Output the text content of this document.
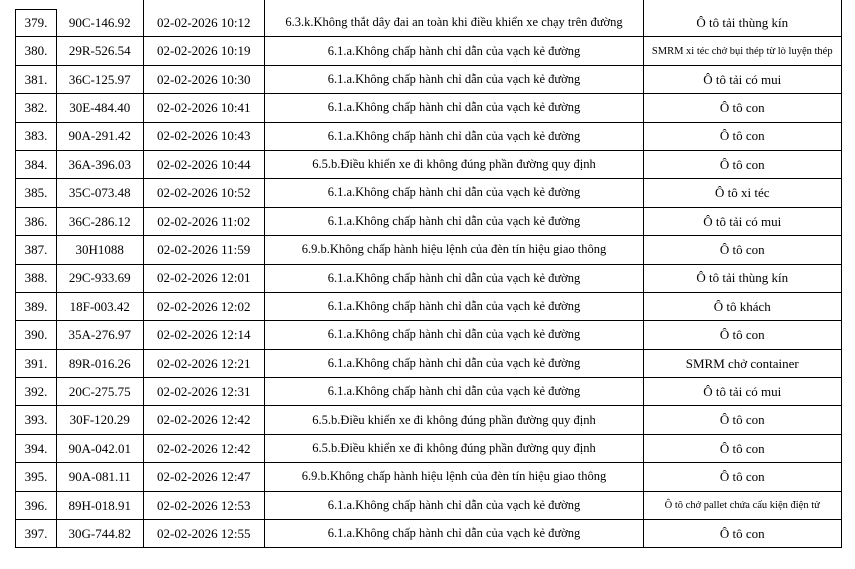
379.	90C-146.92	02-02-2026 10:12	6.3.k.Không thắt dây đai an toàn khi điều khiển xe chạy trên đường	Ô tô tải thùng kín
380.	29R-526.54	02-02-2026 10:19	6.1.a.Không chấp hành chỉ dẫn của vạch kẻ đường	SMRM xi téc chở bụi thép từ lò luyện thép
381.	36C-125.97	02-02-2026 10:30	6.1.a.Không chấp hành chỉ dẫn của vạch kẻ đường	Ô tô tải có mui
382.	30E-484.40	02-02-2026 10:41	6.1.a.Không chấp hành chỉ dẫn của vạch kẻ đường	Ô tô con
383.	90A-291.42	02-02-2026 10:43	6.1.a.Không chấp hành chỉ dẫn của vạch kẻ đường	Ô tô con
384.	36A-396.03	02-02-2026 10:44	6.5.b.Điều khiển xe đi không đúng phần đường quy định	Ô tô con
385.	35C-073.48	02-02-2026 10:52	6.1.a.Không chấp hành chỉ dẫn của vạch kẻ đường	Ô tô xi téc
386.	36C-286.12	02-02-2026 11:02	6.1.a.Không chấp hành chỉ dẫn của vạch kẻ đường	Ô tô tải có mui
387.	30H1088	02-02-2026 11:59	6.9.b.Không chấp hành hiệu lệnh của đèn tín hiệu giao thông	Ô tô con
388.	29C-933.69	02-02-2026 12:01	6.1.a.Không chấp hành chỉ dẫn của vạch kẻ đường	Ô tô tải thùng kín
389.	18F-003.42	02-02-2026 12:02	6.1.a.Không chấp hành chỉ dẫn của vạch kẻ đường	Ô tô khách
390.	35A-276.97	02-02-2026 12:14	6.1.a.Không chấp hành chỉ dẫn của vạch kẻ đường	Ô tô con
391.	89R-016.26	02-02-2026 12:21	6.1.a.Không chấp hành chỉ dẫn của vạch kẻ đường	SMRM chở container
392.	20C-275.75	02-02-2026 12:31	6.1.a.Không chấp hành chỉ dẫn của vạch kẻ đường	Ô tô tải có mui
393.	30F-120.29	02-02-2026 12:42	6.5.b.Điều khiển xe đi không đúng phần đường quy định	Ô tô con
394.	90A-042.01	02-02-2026 12:42	6.5.b.Điều khiển xe đi không đúng phần đường quy định	Ô tô con
395.	90A-081.11	02-02-2026 12:47	6.9.b.Không chấp hành hiệu lệnh của đèn tín hiệu giao thông	Ô tô con
396.	89H-018.91	02-02-2026 12:53	6.1.a.Không chấp hành chỉ dẫn của vạch kẻ đường	Ô tô chở pallet chứa cấu kiện điện tử
397.	30G-744.82	02-02-2026 12:55	6.1.a.Không chấp hành chỉ dẫn của vạch kẻ đường	Ô tô con
